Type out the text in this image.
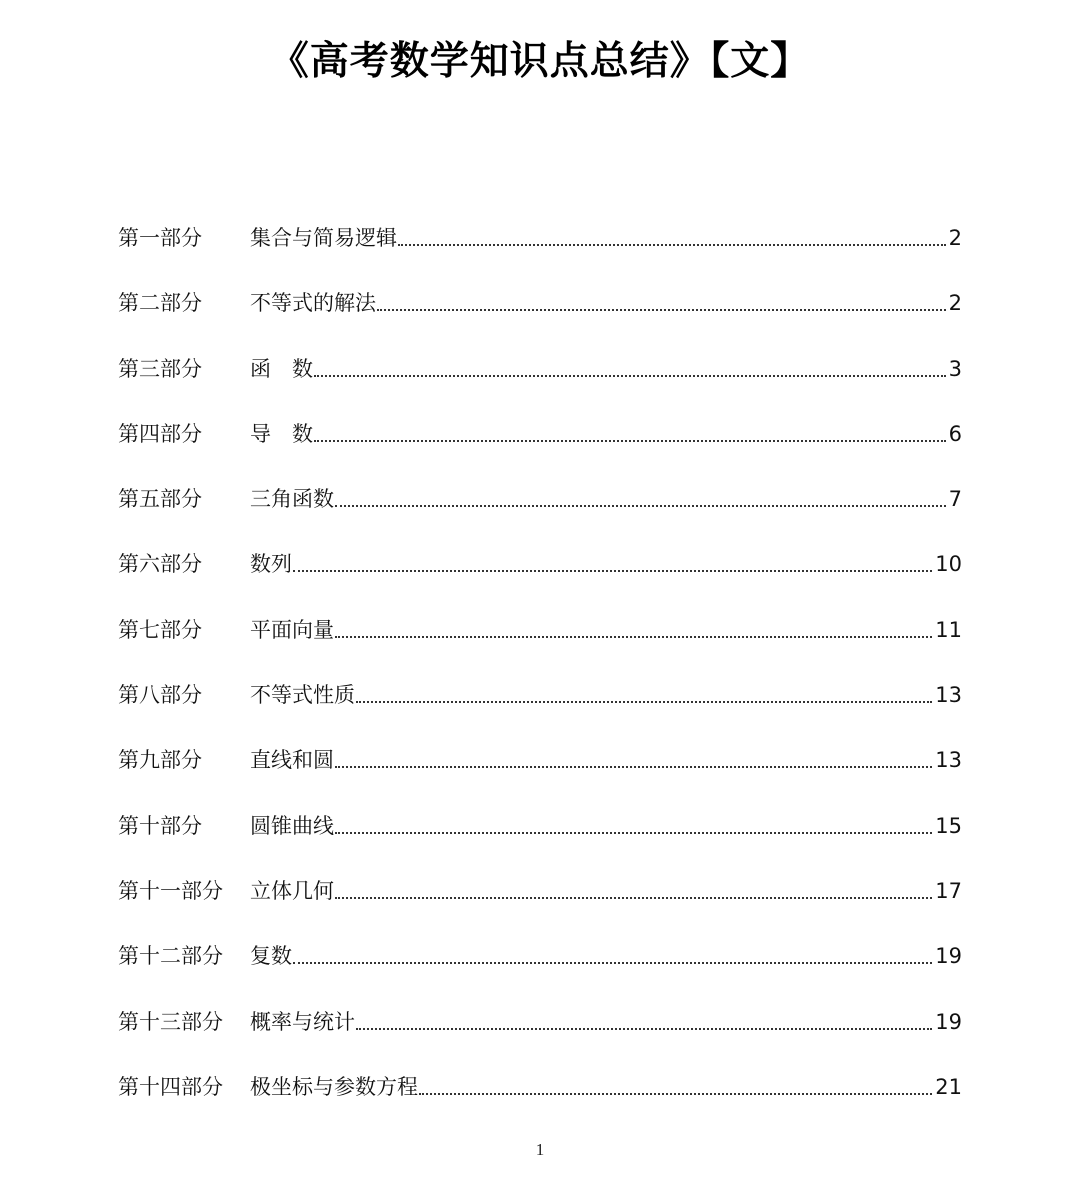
《高考数学知识点总结》【文】
第一部分	集合与简易逻辑	2
第二部分	不等式的解法	2
第三部分	函　数	3
第四部分	导　数	6
第五部分	三角函数	7
第六部分	数列	10
第七部分	平面向量	11
第八部分	不等式性质	13
第九部分	直线和圆	13
第十部分	圆锥曲线	15
第十一部分	立体几何	17
第十二部分	复数	19
第十三部分	概率与统计	19
第十四部分	极坐标与参数方程	21
1
